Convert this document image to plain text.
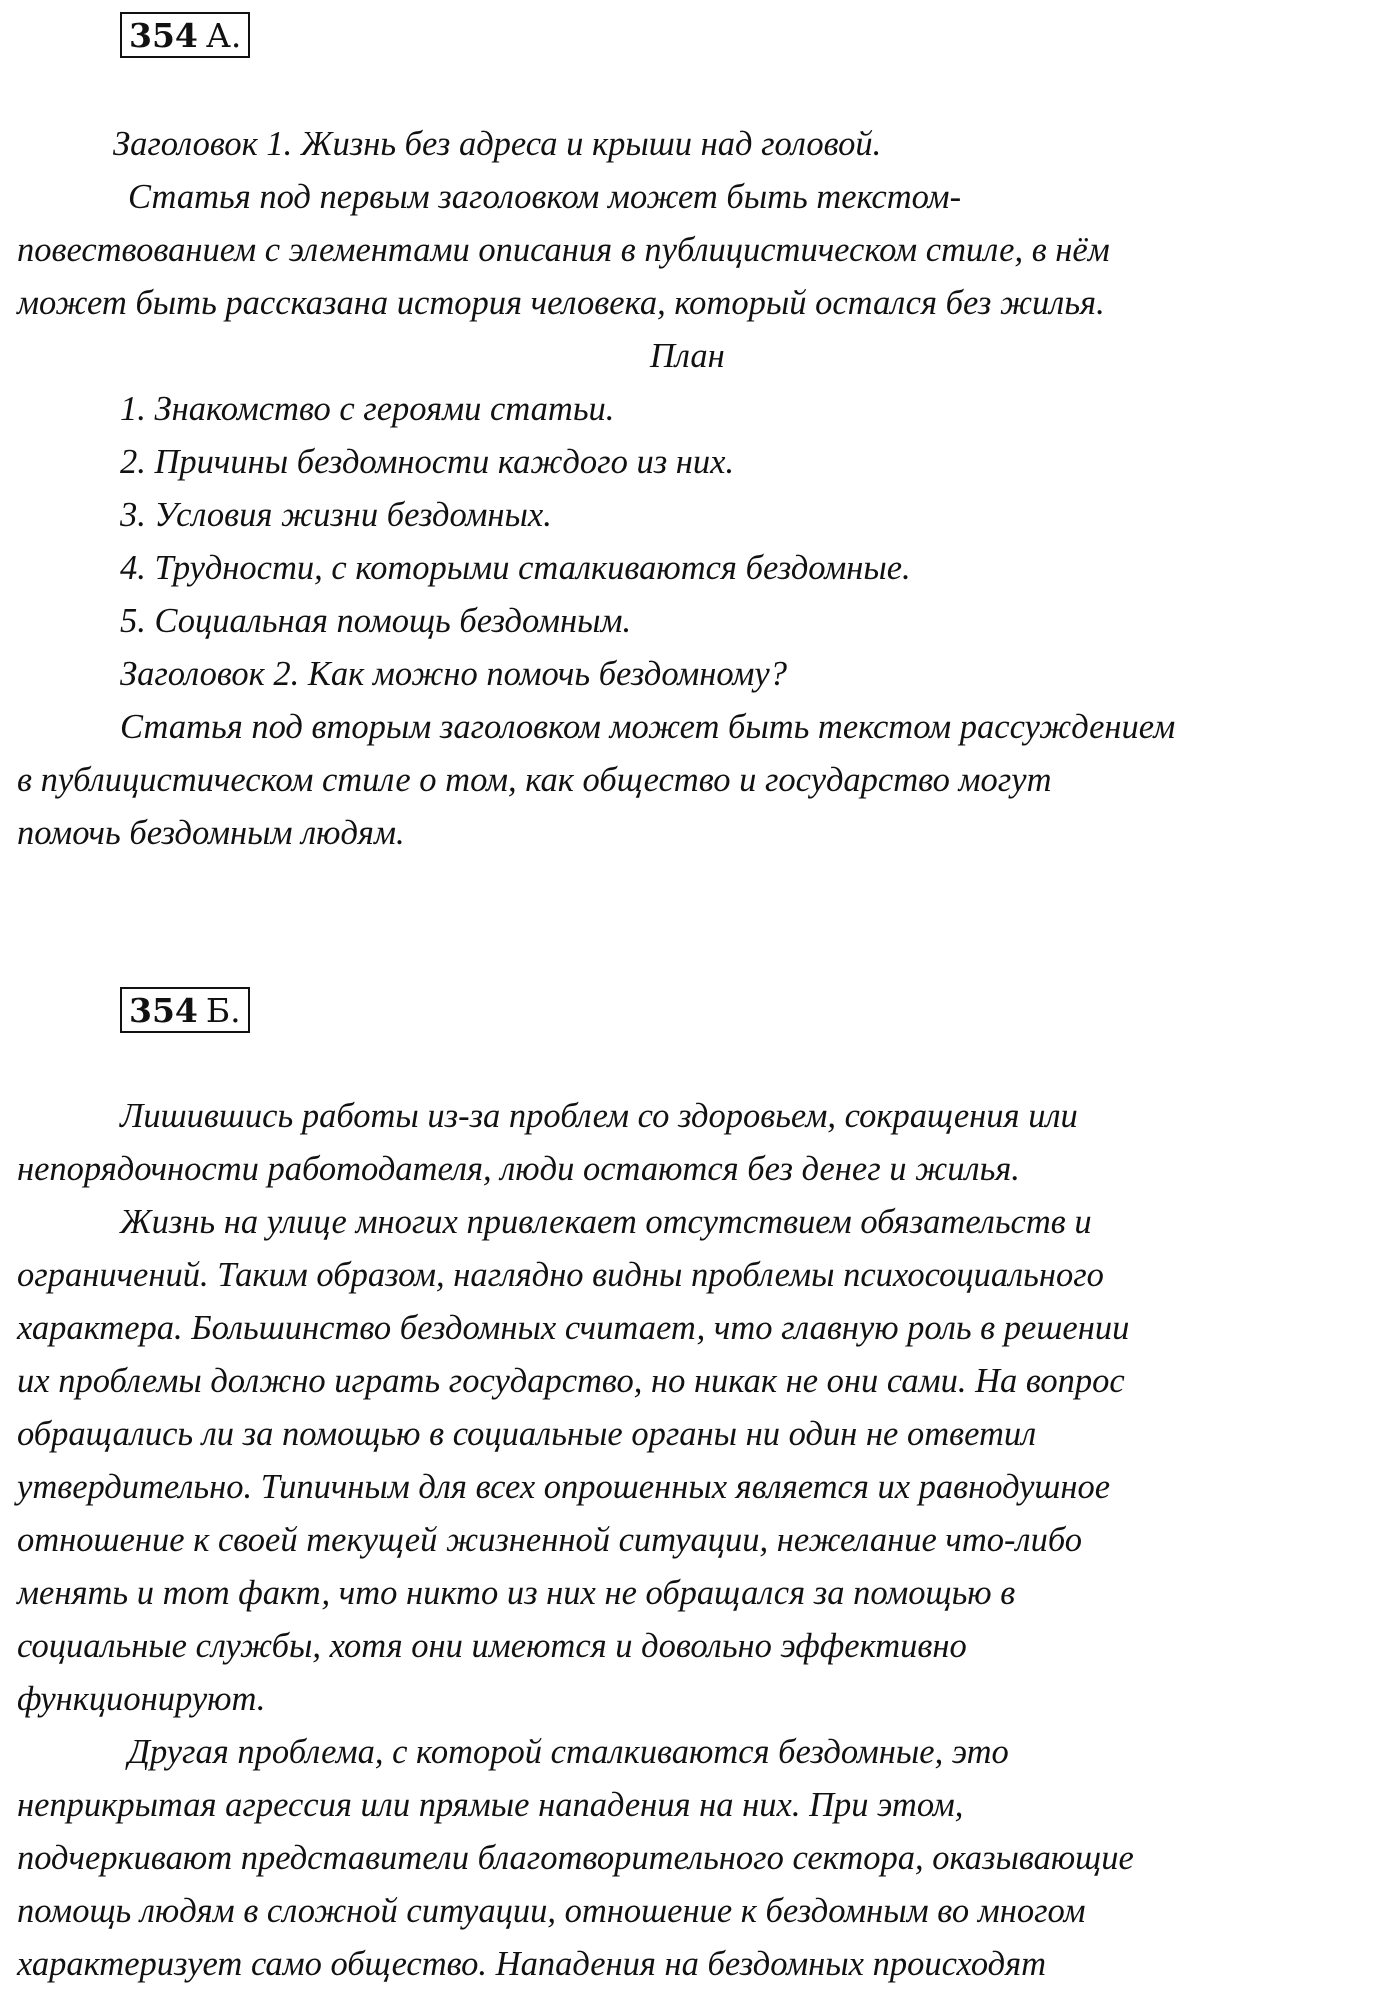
354 А.
Заголовок 1. Жизнь без адреса и крыши над головой.
Статья под первым заголовком может быть текстом-
повествованием с элементами описания в публицистическом стиле, в нём
может быть рассказана история человека, который остался без жилья.
План
1. Знакомство с героями статьи.
2. Причины бездомности каждого из них.
3. Условия жизни бездомных.
4. Трудности, с которыми сталкиваются бездомные.
5. Социальная помощь бездомным.
Заголовок 2. Как можно помочь бездомному?
Статья под вторым заголовком может быть текстом рассуждением
в публицистическом стиле о том, как общество и государство могут
помочь бездомным людям.
354 Б.
Лишившись работы из-за проблем со здоровьем, сокращения или
непорядочности работодателя, люди остаются без денег и жилья.
Жизнь на улице многих привлекает отсутствием обязательств и
ограничений. Таким образом, наглядно видны проблемы психосоциального
характера. Большинство бездомных считает, что главную роль в решении
их проблемы должно играть государство, но никак не они сами. На вопрос
обращались ли за помощью в социальные органы ни один не ответил
утвердительно. Типичным для всех опрошенных является их равнодушное
отношение к своей текущей жизненной ситуации, нежелание что-либо
менять и тот факт, что никто из них не обращался за помощью в
социальные службы, хотя они имеются и довольно эффективно
функционируют.
Другая проблема, с которой сталкиваются бездомные, это
неприкрытая агрессия или прямые нападения на них. При этом,
подчеркивают представители благотворительного сектора, оказывающие
помощь людям в сложной ситуации, отношение к бездомным во многом
характеризует само общество. Нападения на бездомных происходят
